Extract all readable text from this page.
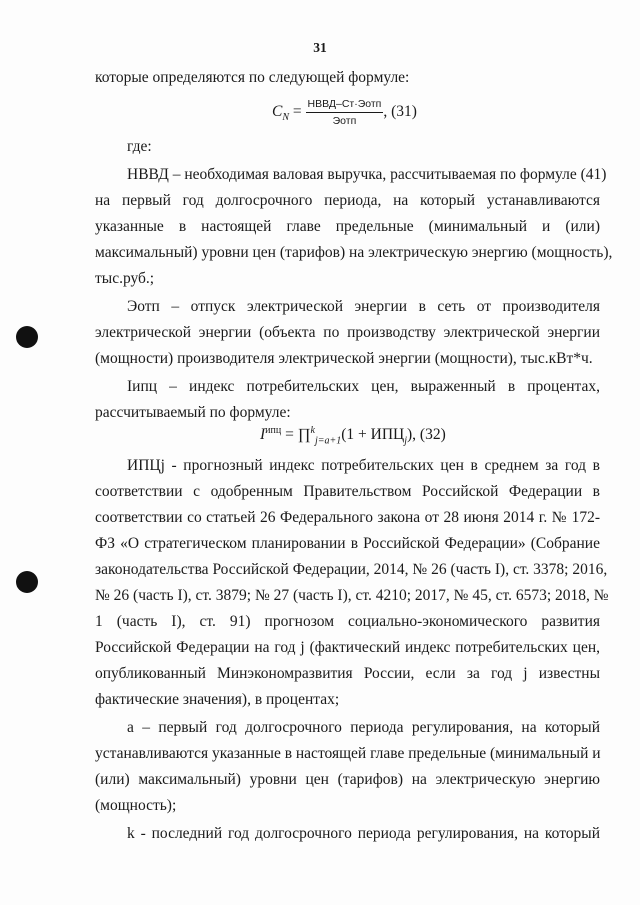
31
которые определяются по следующей формуле:
$C_N = \frac{\text{НВВД–Cт·Эотп}}{\text{Эотп}}$ , (31)
где:
НВВД – необходимая валовая выручка, рассчитываемая по формуле (41)
на первый год долгосрочного периода, на который устанавливаются
указанные в настоящей главе предельные (минимальный и (или)
максимальный) уровни цен (тарифов) на электрическую энергию (мощность),
тыс.руб.;
Эотп – отпуск электрической энергии в сеть от производителя
электрической энергии (объекта по производству электрической энергии
(мощности) производителя электрической энергии (мощности), тыс.кВт*ч.
Iипц – индекс потребительских цен, выраженный в процентах,
рассчитываемый по формуле:
$I^{ипц}$ = ∏$^k_{j=a+1}$(1 + $ИПЦ_j$), (32)
ИПЦj - прогнозный индекс потребительских цен в среднем за год в
соответствии с одобренным Правительством Российской Федерации в
соответствии со статьей 26 Федерального закона от 28 июня 2014 г. № 172-
ФЗ «О стратегическом планировании в Российской Федерации» (Собрание
законодательства Российской Федерации, 2014, № 26 (часть I), ст. 3378; 2016,
№ 26 (часть I), ст. 3879; № 27 (часть I), ст. 4210; 2017, № 45, ст. 6573; 2018, №
1 (часть I), ст. 91) прогнозом социально-экономического развития
Российской Федерации на год j (фактический индекс потребительских цен,
опубликованный Минэкономразвития России, если за год j известны
фактические значения), в процентах;
a – первый год долгосрочного периода регулирования, на который
устанавливаются указанные в настоящей главе предельные (минимальный и
(или) максимальный) уровни цен (тарифов) на электрическую энергию
(мощность);
k - последний год долгосрочного периода регулирования, на который
